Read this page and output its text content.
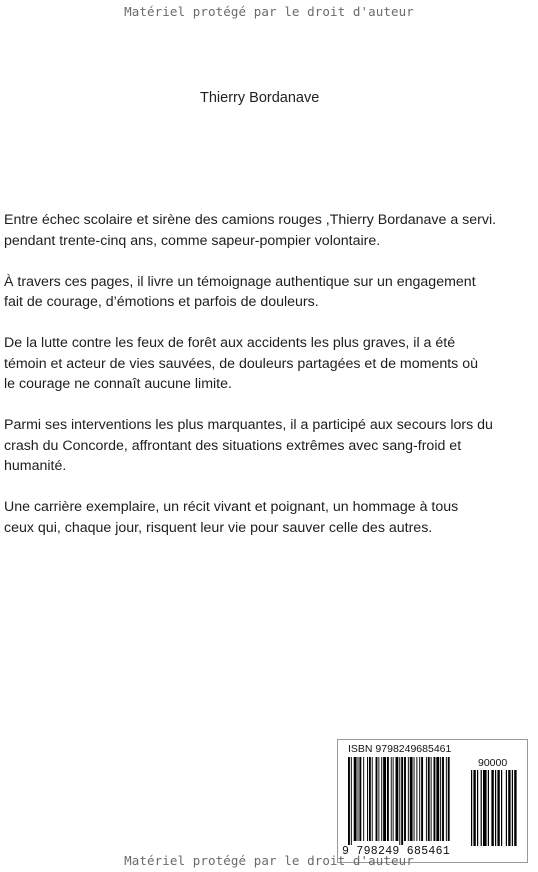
Matériel protégé par le droit d'auteur
Thierry Bordanave

Entre échec scolaire et sirène des camions rouges ,Thierry Bordanave a servi.
pendant trente-cinq ans, comme sapeur-pompier volontaire.

À travers ces pages, il livre un témoignage authentique sur un engagement
fait de courage, d’émotions et parfois de douleurs.

De la lutte contre les feux de forêt aux accidents les plus graves, il a été
témoin et acteur de vies sauvées, de douleurs partagées et de moments où
le courage ne connaît aucune limite.

Parmi ses interventions les plus marquantes, il a participé aux secours lors du
crash du Concorde, affrontant des situations extrêmes avec sang-froid et
humanité.

Une carrière exemplaire, un récit vivant et poignant, un hommage à tous
ceux qui, chaque jour, risquent leur vie pour sauver celle des autres.

ISBN 9798249685461
9 798249 685461
90000
Matériel protégé par le droit d'auteur
